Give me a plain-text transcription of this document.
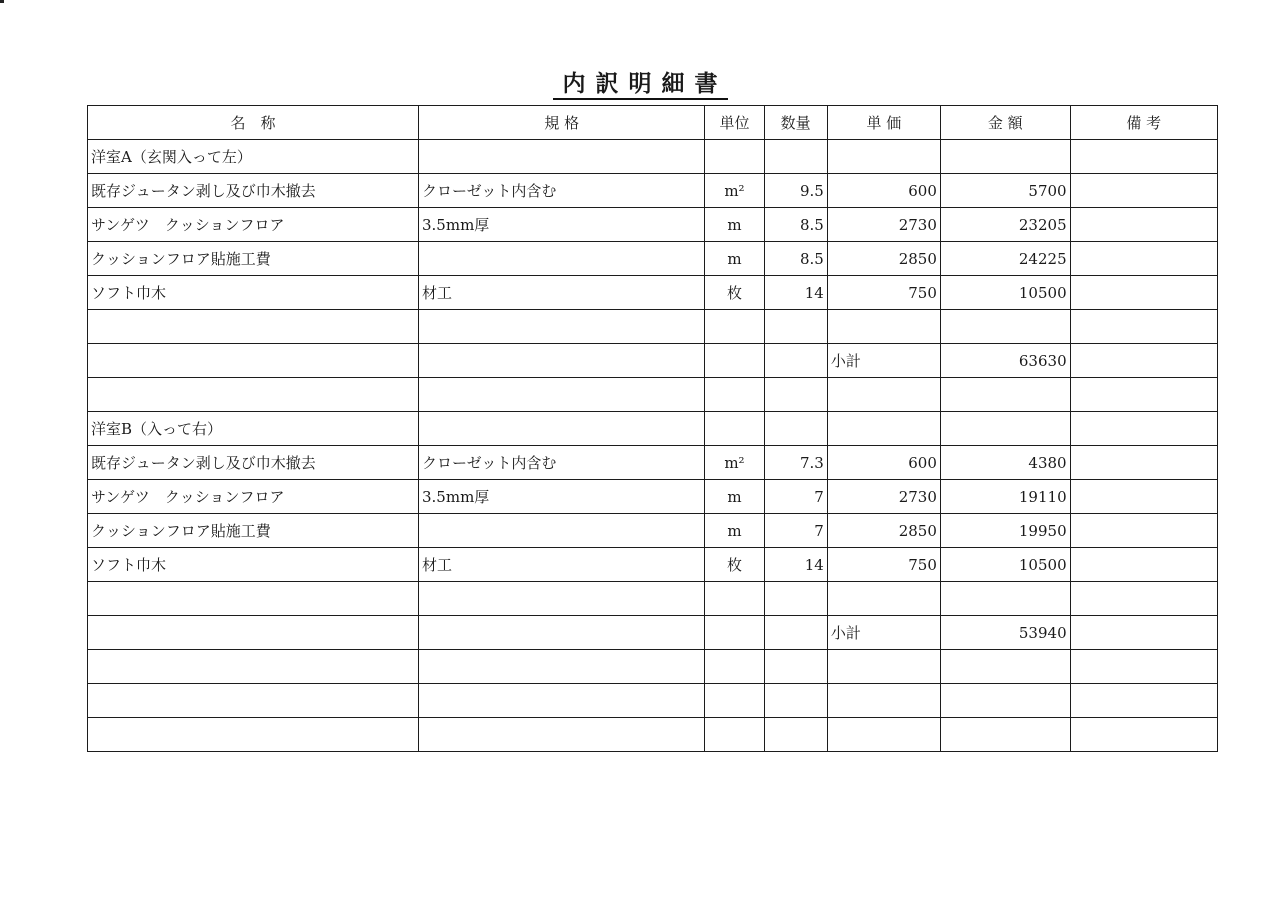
内訳明細書
名　称	規 格	単位	数量	単 価	金 額	備 考
洋室A（玄関入って左）						
既存ジュータン剥し及び巾木撤去	クローゼット内含む	m²	9.5	600	5700	
サンゲツ　クッションフロア	3.5mm厚	m	8.5	2730	23205	
クッションフロア貼施工費		m	8.5	2850	24225	
ソフト巾木	材工	枚	14	750	10500	

				小計	63630	

洋室B（入って右）						
既存ジュータン剥し及び巾木撤去	クローゼット内含む	m²	7.3	600	4380	
サンゲツ　クッションフロア	3.5mm厚	m	7	2730	19110	
クッションフロア貼施工費		m	7	2850	19950	
ソフト巾木	材工	枚	14	750	10500	

				小計	53940	
